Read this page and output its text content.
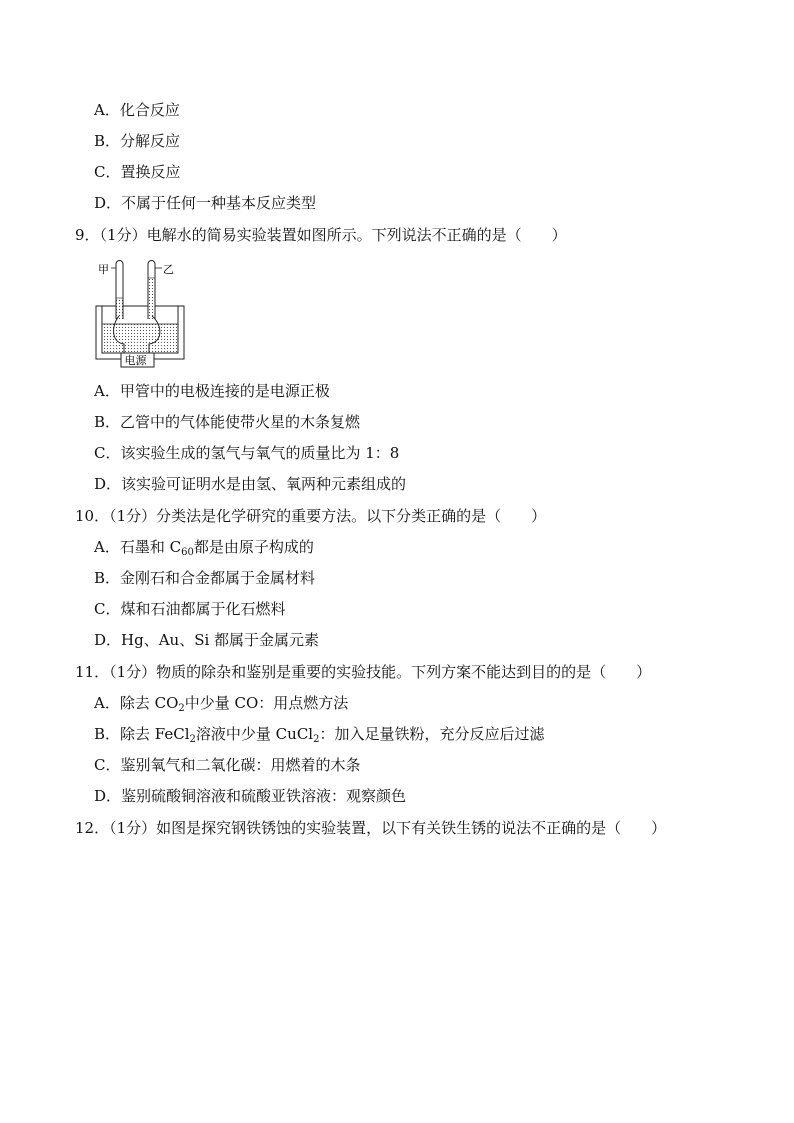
A．化合反应
B．分解反应
C．置换反应
D．不属于任何一种基本反应类型
9．（1分）电解水的简易实验装置如图所示。下列说法不正确的是（　　）
甲	乙
电源
A．甲管中的电极连接的是电源正极
B．乙管中的气体能使带火星的木条复燃
C．该实验生成的氢气与氧气的质量比为 1：8
D．该实验可证明水是由氢、氧两种元素组成的
10．（1分）分类法是化学研究的重要方法。以下分类正确的是（　　）
A．石墨和 $C_{60}$都是由原子构成的
B．金刚石和合金都属于金属材料
C．煤和石油都属于化石燃料
D．Hg、Au、Si 都属于金属元素
11．（1分）物质的除杂和鉴别是重要的实验技能。下列方案不能达到目的的是（　　）
A．除去 $CO_2$中少量 CO：用点燃方法
B．除去 FeCl$_2$溶液中少量 CuCl$_2$：加入足量铁粉，充分反应后过滤
C．鉴别氧气和二氧化碳：用燃着的木条
D．鉴别硫酸铜溶液和硫酸亚铁溶液：观察颜色
12．（1分）如图是探究钢铁锈蚀的实验装置，以下有关铁生锈的说法不正确的是（　　）
